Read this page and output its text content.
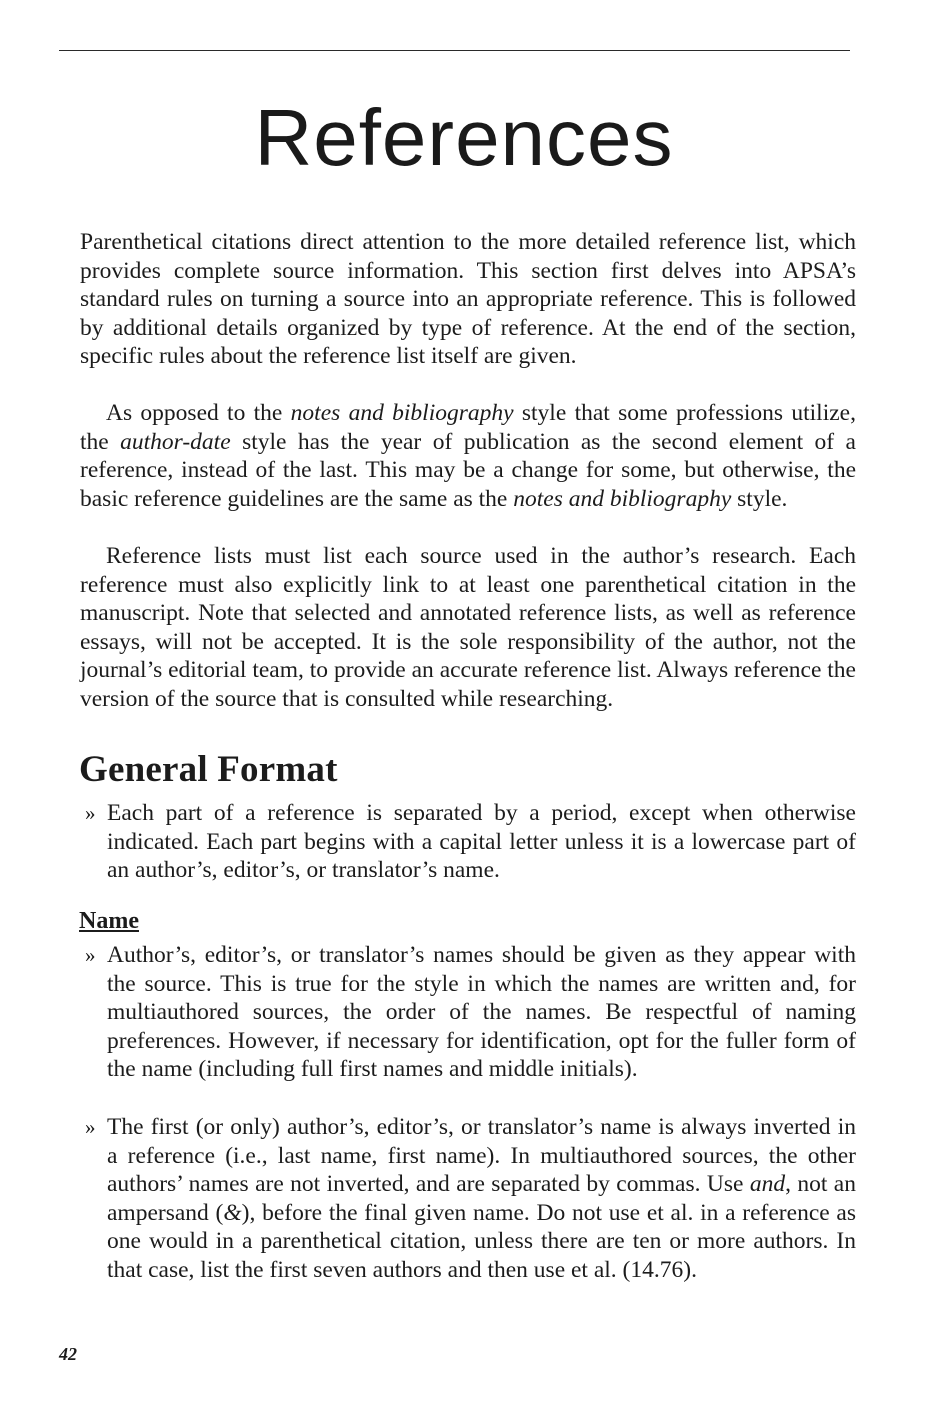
References

Parenthetical citations direct attention to the more detailed reference list, which provides complete source information. This section first delves into APSA’s standard rules on turning a source into an appropriate reference. This is followed by additional details organized by type of reference. At the end of the section, specific rules about the reference list itself are given.

As opposed to the notes and bibliography style that some professions utilize, the author-date style has the year of publication as the second element of a reference, instead of the last. This may be a change for some, but otherwise, the basic reference guidelines are the same as the notes and bibliography style.

Reference lists must list each source used in the author’s research. Each reference must also explicitly link to at least one parenthetical citation in the manuscript. Note that selected and annotated reference lists, as well as reference essays, will not be accepted. It is the sole responsibility of the author, not the journal’s editorial team, to provide an accurate reference list. Always reference the version of the source that is consulted while researching.

General Format
» Each part of a reference is separated by a period, except when otherwise indicated. Each part begins with a capital letter unless it is a lowercase part of an author’s, editor’s, or translator’s name.
Name
» Author’s, editor’s, or translator’s names should be given as they appear with the source. This is true for the style in which the names are written and, for multiauthored sources, the order of the names. Be respectful of naming preferences. However, if necessary for identification, opt for the fuller form of the name (including full first names and middle initials).
» The first (or only) author’s, editor’s, or translator’s name is always inverted in a reference (i.e., last name, first name). In multiauthored sources, the other authors’ names are not inverted, and are separated by commas. Use and, not an ampersand (&), before the final given name. Do not use et al. in a reference as one would in a parenthetical citation, unless there are ten or more authors. In that case, list the first seven authors and then use et al. (14.76).
42
